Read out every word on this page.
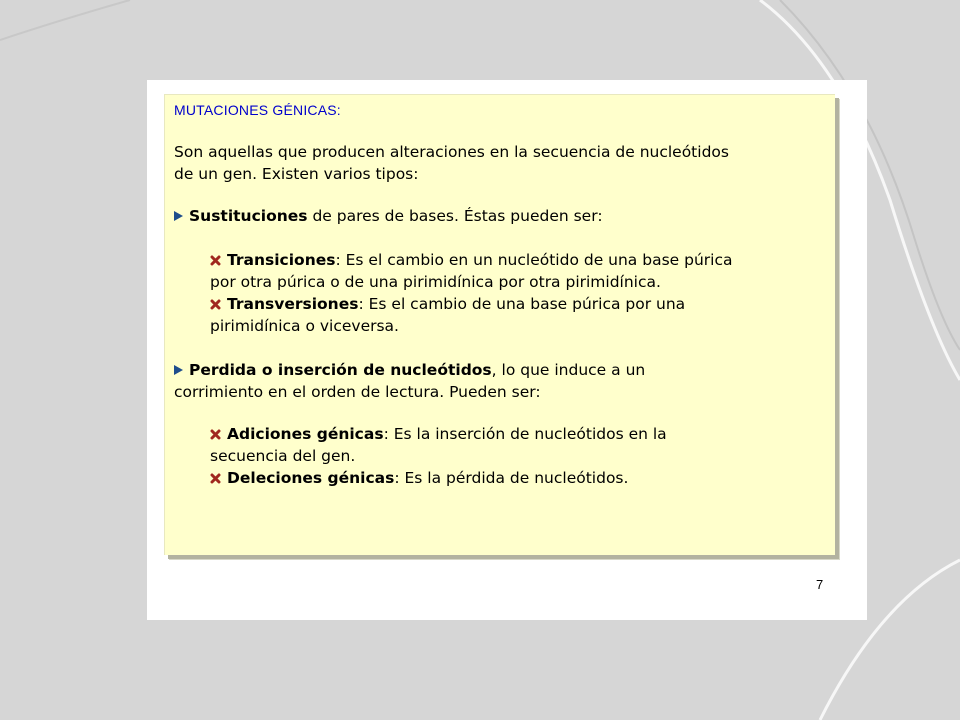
MUTACIONES GÉNICAS:
Son aquellas que producen alteraciones en la secuencia de nucleótidos
de un gen. Existen varios tipos:
Sustituciones de pares de bases. Éstas pueden ser:
Transiciones: Es el cambio en un nucleótido de una base púrica
por otra púrica o de una pirimidínica por otra pirimidínica.
Transversiones: Es el cambio de una base púrica por una
pirimidínica o viceversa.
Perdida o inserción de nucleótidos, lo que induce a un
corrimiento en el orden de lectura. Pueden ser:
Adiciones génicas: Es la inserción de nucleótidos en la
secuencia del gen.
Deleciones génicas: Es la pérdida de nucleótidos.
7
